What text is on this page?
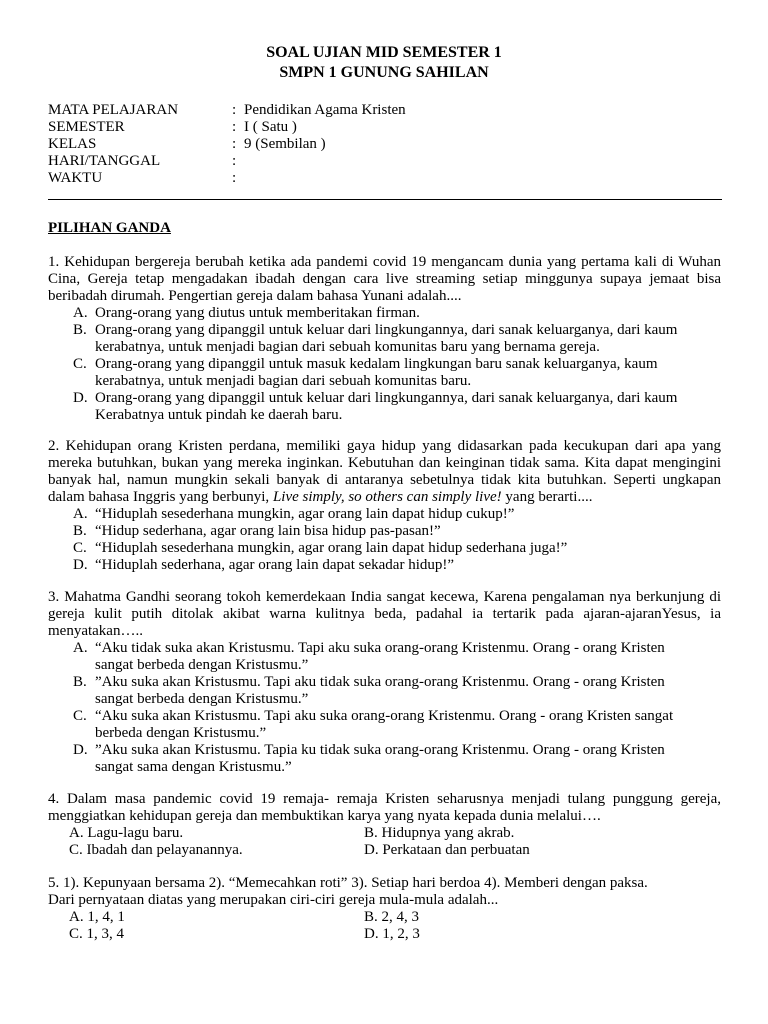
SOAL UJIAN MID SEMESTER 1
SMPN 1 GUNUNG SAHILAN
MATA PELAJARAN	: Pendidikan Agama Kristen
SEMESTER	: I ( Satu )
KELAS	: 9 (Sembilan )
HARI/TANGGAL	:
WAKTU	:
PILIHAN GANDA
1. Kehidupan bergereja berubah ketika ada pandemi covid 19 mengancam dunia yang pertama kali di Wuhan Cina, Gereja tetap mengadakan ibadah dengan cara live streaming setiap minggunya supaya jemaat bisa beribadah dirumah. Pengertian gereja dalam bahasa Yunani adalah....
A. Orang-orang yang diutus untuk memberitakan firman.
B. Orang-orang yang dipanggil untuk keluar dari lingkungannya, dari sanak keluarganya, dari kaum
kerabatnya, untuk menjadi bagian dari sebuah komunitas baru yang bernama gereja.
C. Orang-orang yang dipanggil untuk masuk kedalam lingkungan baru sanak keluarganya, kaum
kerabatnya, untuk menjadi bagian dari sebuah komunitas baru.
D. Orang-orang yang dipanggil untuk keluar dari lingkungannya, dari sanak keluarganya, dari kaum
Kerabatnya untuk pindah ke daerah baru.
2. Kehidupan orang Kristen perdana, memiliki gaya hidup yang didasarkan pada kecukupan dari apa yang mereka butuhkan, bukan yang mereka inginkan. Kebutuhan dan keinginan tidak sama. Kita dapat mengingini banyak hal, namun mungkin sekali banyak di antaranya sebetulnya tidak kita butuhkan. Seperti ungkapan dalam bahasa Inggris yang berbunyi, Live simply, so others can simply live! yang berarti....
A. “Hiduplah sesederhana mungkin, agar orang lain dapat hidup cukup!”
B. “Hidup sederhana, agar orang lain bisa hidup pas-pasan!”
C. “Hiduplah sesederhana mungkin, agar orang lain dapat hidup sederhana juga!”
D. “Hiduplah sederhana, agar orang lain dapat sekadar hidup!”
3. Mahatma Gandhi seorang tokoh kemerdekaan India sangat kecewa, Karena pengalaman nya berkunjung di gereja kulit putih ditolak akibat warna kulitnya beda, padahal ia tertarik pada ajaran-ajaranYesus, ia menyatakan…..
A. “Aku tidak suka akan Kristusmu. Tapi aku suka orang-orang Kristenmu. Orang - orang Kristen
sangat berbeda dengan Kristusmu.”
B. ”Aku suka akan Kristusmu. Tapi aku tidak suka orang-orang Kristenmu. Orang - orang Kristen
sangat berbeda dengan Kristusmu.”
C. “Aku suka akan Kristusmu. Tapi aku suka orang-orang Kristenmu. Orang - orang Kristen sangat
berbeda dengan Kristusmu.”
D. ”Aku suka akan Kristusmu. Tapia ku tidak suka orang-orang Kristenmu. Orang - orang Kristen
sangat sama dengan Kristusmu.”
4. Dalam masa pandemic covid 19 remaja- remaja Kristen seharusnya menjadi tulang punggung gereja, menggiatkan kehidupan gereja dan membuktikan karya yang nyata kepada dunia melalui….
A. Lagu-lagu baru.	B. Hidupnya yang akrab.
C. Ibadah dan pelayanannya.	D. Perkataan dan perbuatan
5. 1). Kepunyaan bersama 2). “Memecahkan roti” 3). Setiap hari berdoa 4). Memberi dengan paksa.
Dari pernyataan diatas yang merupakan ciri-ciri gereja mula-mula adalah...
A. 1, 4, 1	B. 2, 4, 3
C. 1, 3, 4	D. 1, 2, 3
